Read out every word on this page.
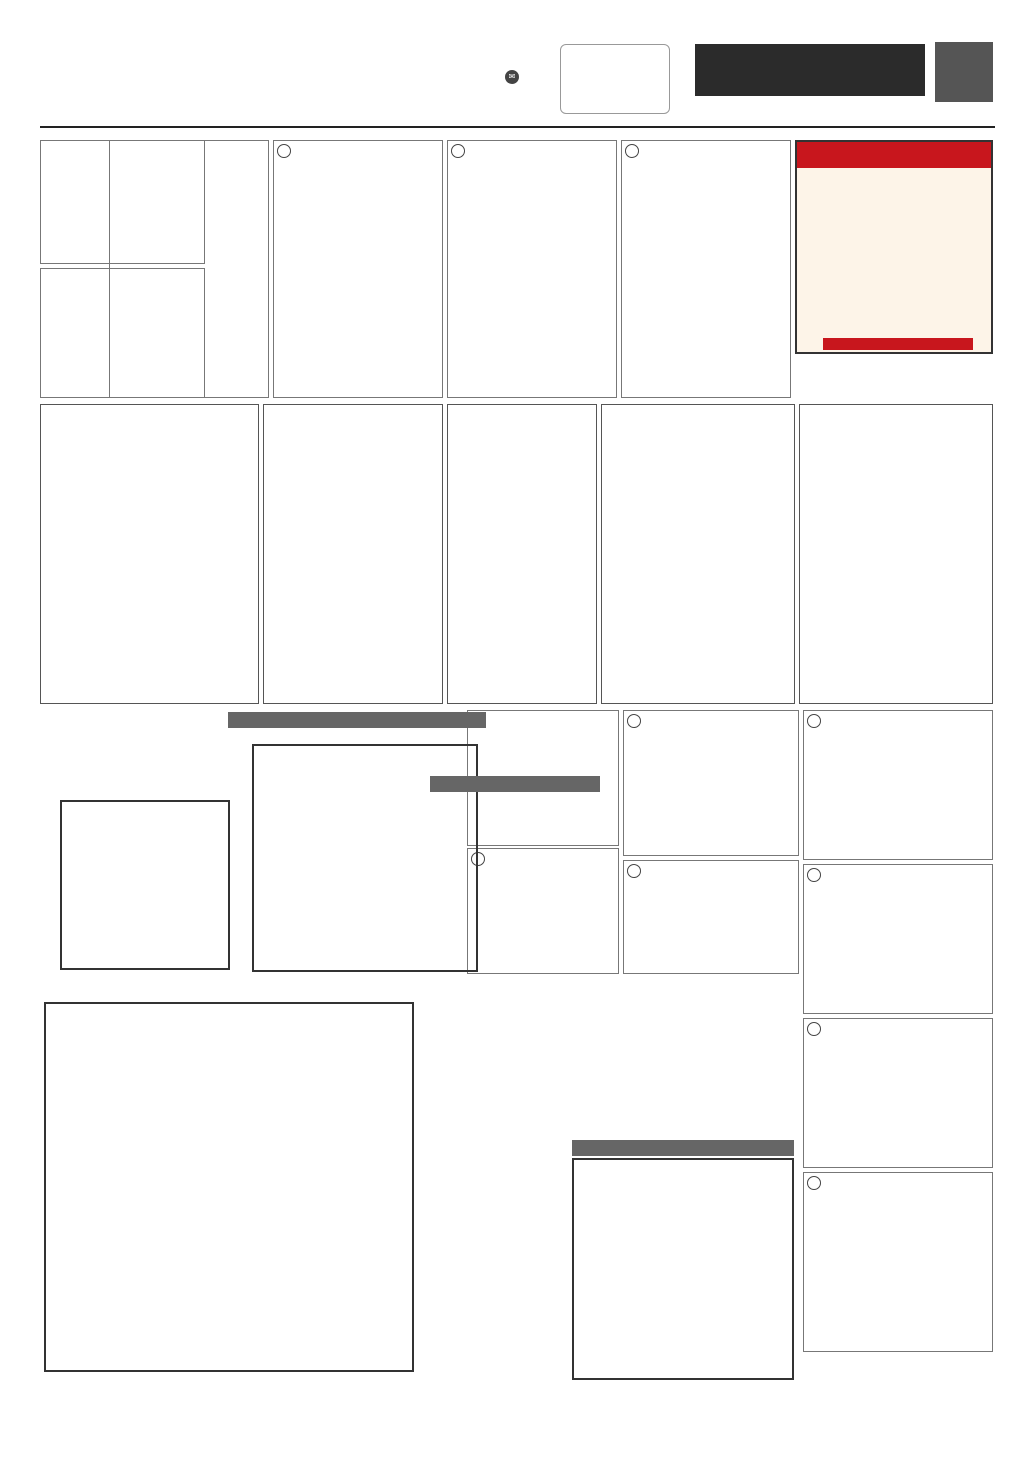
✉
